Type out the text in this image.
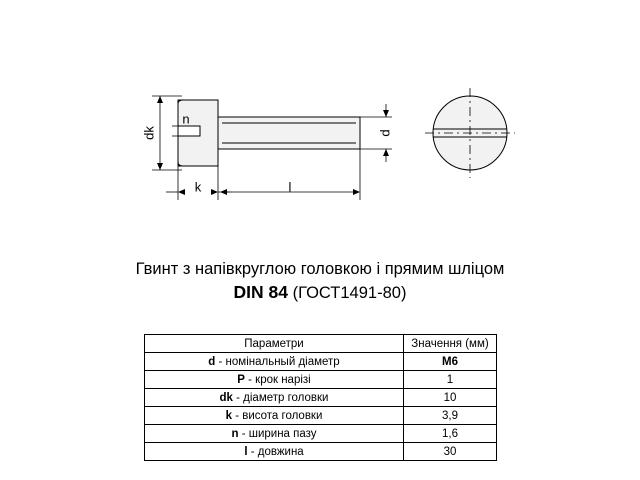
dk
n
d
k	l
Гвинт з напівкруглою головкою і прямим шліцом
DIN 84 (ГОСТ1491-80)
Параметри	Значення (мм)
d - номінальный діаметр	M6
P - крок нарізі	1
dk - діаметр головки	10
k - висота головки	3,9
n - ширина пазу	1,6
l - довжина	30
